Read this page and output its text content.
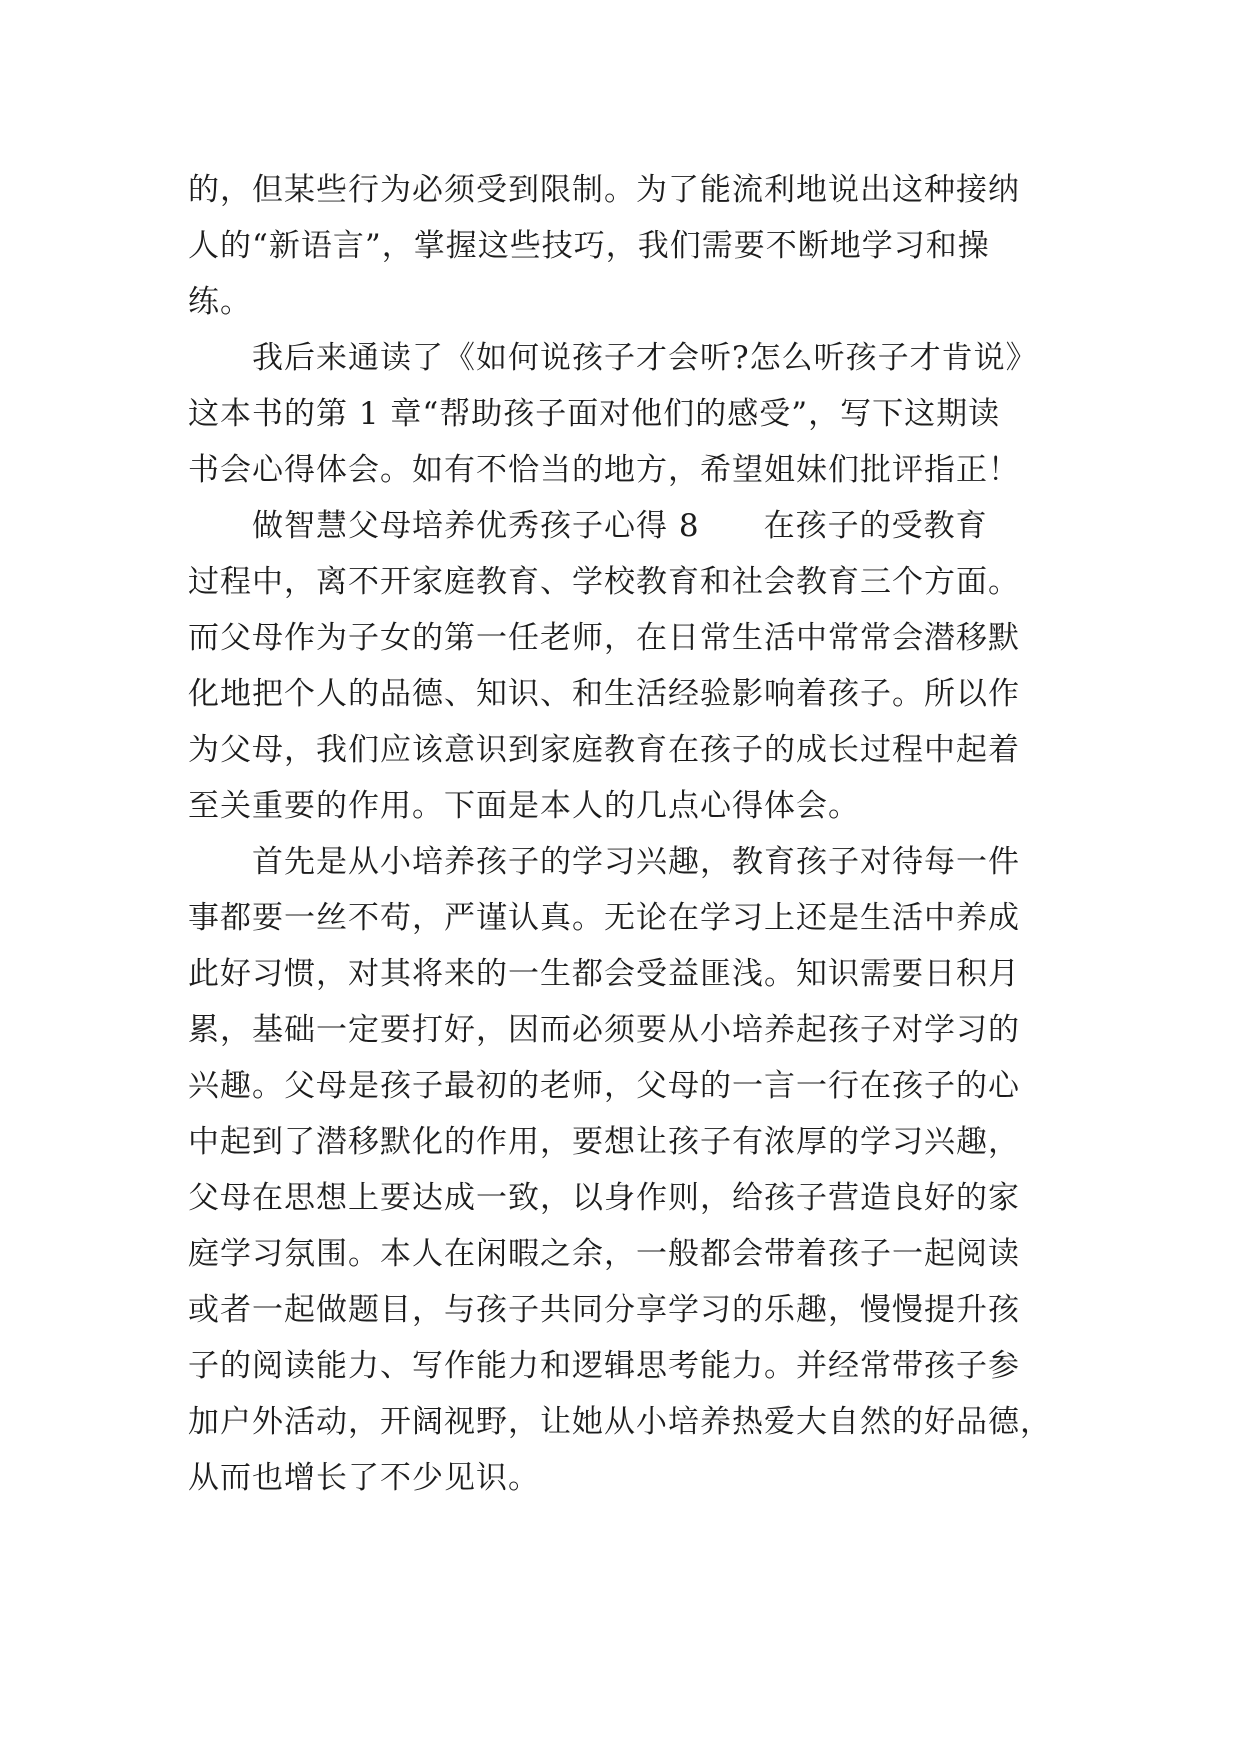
的，但某些行为必须受到限制。为了能流利地说出这种接纳
人的“新语言”，掌握这些技巧，我们需要不断地学习和操
练。
我后来通读了《如何说孩子才会听?怎么听孩子才肯说》
这本书的第 1 章“帮助孩子面对他们的感受”，写下这期读
书会心得体会。如有不恰当的地方，希望姐妹们批评指正！
做智慧父母培养优秀孩子心得 8　　在孩子的受教育
过程中，离不开家庭教育、学校教育和社会教育三个方面。
而父母作为子女的第一任老师，在日常生活中常常会潜移默
化地把个人的品德、知识、和生活经验影响着孩子。所以作
为父母，我们应该意识到家庭教育在孩子的成长过程中起着
至关重要的作用。下面是本人的几点心得体会。
首先是从小培养孩子的学习兴趣，教育孩子对待每一件
事都要一丝不苟，严谨认真。无论在学习上还是生活中养成
此好习惯，对其将来的一生都会受益匪浅。知识需要日积月
累，基础一定要打好，因而必须要从小培养起孩子对学习的
兴趣。父母是孩子最初的老师，父母的一言一行在孩子的心
中起到了潜移默化的作用，要想让孩子有浓厚的学习兴趣，
父母在思想上要达成一致，以身作则，给孩子营造良好的家
庭学习氛围。本人在闲暇之余，一般都会带着孩子一起阅读
或者一起做题目，与孩子共同分享学习的乐趣，慢慢提升孩
子的阅读能力、写作能力和逻辑思考能力。并经常带孩子参
加户外活动，开阔视野，让她从小培养热爱大自然的好品德，
从而也增长了不少见识。
